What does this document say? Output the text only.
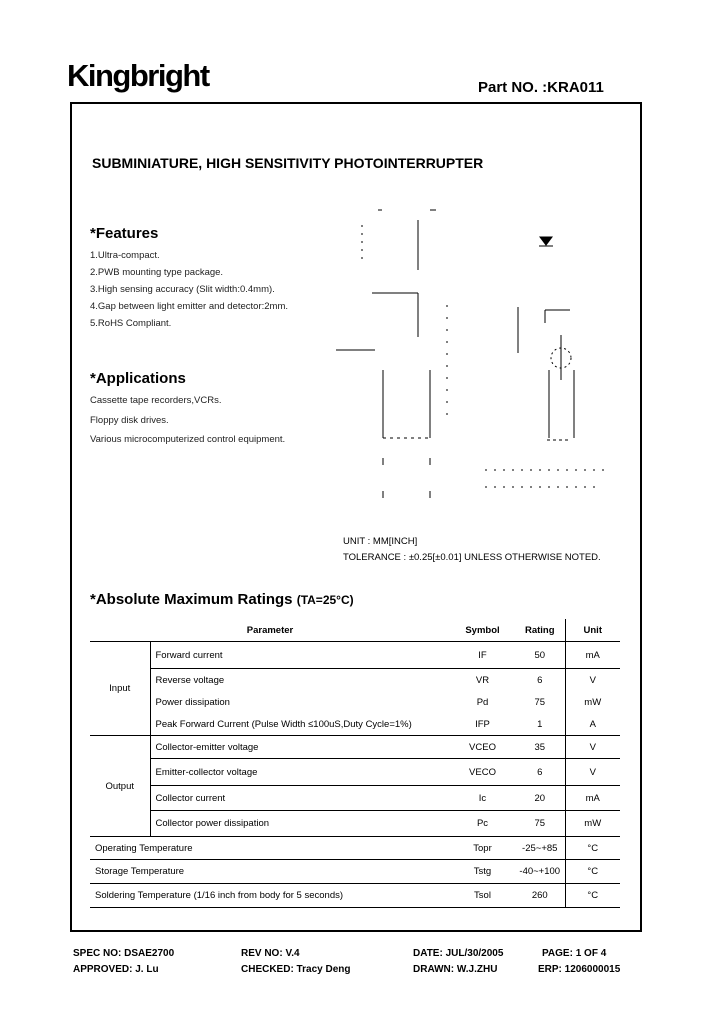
Kingbright	Part NO. :KRA011
SUBMINIATURE, HIGH SENSITIVITY PHOTOINTERRUPTER
*Features
1.Ultra-compact.
2.PWB mounting type package.
3.High sensing accuracy (Slit width:0.4mm).
4.Gap between light emitter and detector:2mm.
5.RoHS Compliant.
*Applications
Cassette tape recorders,VCRs.
Floppy disk drives.
Various microcomputerized control equipment.
UNIT : MM[INCH]
TOLERANCE : ±0.25[±0.01] UNLESS OTHERWISE NOTED.
*Absolute Maximum Ratings (TA=25°C)
Parameter		Symbol	Rating	Unit
Input	Forward current	IF	50	mA
	Reverse voltage	VR	6	V
	Power dissipation	Pd	75	mW
	Peak Forward Current (Pulse Width ≤100uS,Duty Cycle=1%)	IFP	1	A
Output	Collector-emitter voltage	VCEO	35	V
	Emitter-collector voltage	VECO	6	V
	Collector current	Ic	20	mA
	Collector power dissipation	Pc	75	mW
Operating Temperature		Topr	-25~+85	°C
Storage Temperature		Tstg	-40~+100	°C
Soldering Temperature (1/16 inch from body for 5 seconds)		Tsol	260	°C
SPEC NO: DSAE2700	REV NO: V.4	DATE: JUL/30/2005	PAGE: 1 OF 4
APPROVED: J. Lu	CHECKED: Tracy Deng	DRAWN: W.J.ZHU	ERP: 1206000015
